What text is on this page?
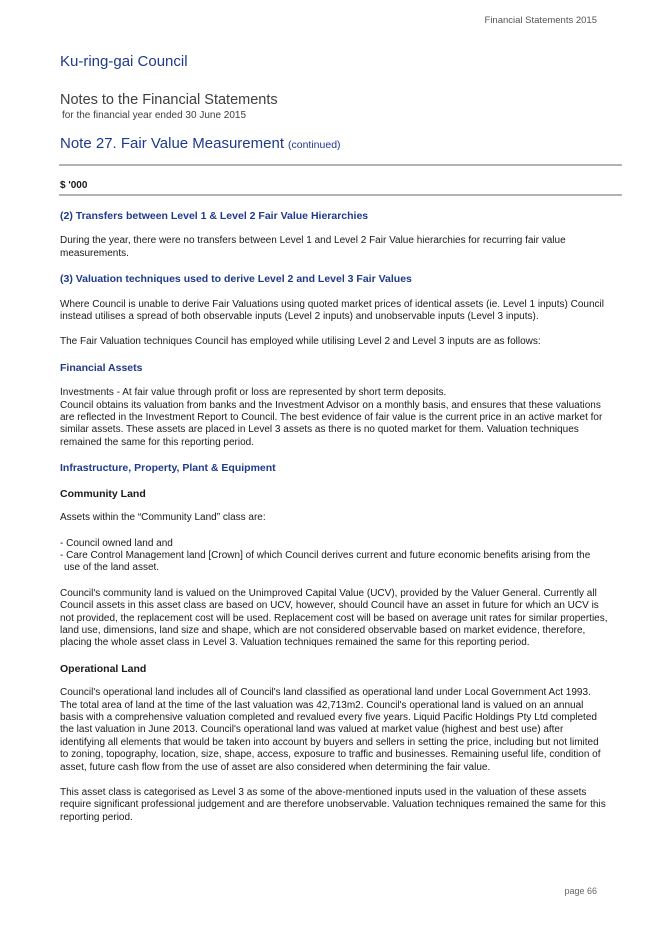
Financial Statements 2015
Ku-ring-gai Council
Notes to the Financial Statements
for the financial year ended 30 June 2015
Note 27. Fair Value Measurement (continued)
$ '000
(2) Transfers between Level 1 & Level 2 Fair Value Hierarchies
During the year, there were no transfers between Level 1 and Level 2 Fair Value hierarchies for recurring fair value measurements.
(3) Valuation techniques used to derive Level 2 and Level 3 Fair Values
Where Council is unable to derive Fair Valuations using quoted market prices of identical assets (ie. Level 1 inputs) Council instead utilises a spread of both observable inputs (Level 2 inputs) and unobservable inputs (Level 3 inputs).
The Fair Valuation techniques Council has employed while utilising Level 2 and Level 3 inputs are as follows:
Financial Assets
Investments - At fair value through profit or loss are represented by short term deposits.
Council obtains its valuation from banks and the Investment Advisor on a monthly basis, and ensures that these valuations are reflected in the Investment Report to Council. The best evidence of fair value is the current price in an active market for similar assets. These assets are placed in Level 3 assets as there is no quoted market for them. Valuation techniques remained the same for this reporting period.
Infrastructure, Property, Plant & Equipment
Community Land
Assets within the “Community Land” class are:
- Council owned land and
- Care Control Management land [Crown] of which Council derives current and future economic benefits arising from the use of the land asset.
Council's community land is valued on the Unimproved Capital Value (UCV), provided by the Valuer General. Currently all Council assets in this asset class are based on UCV, however, should Council have an asset in future for which an UCV is not provided, the replacement cost will be used. Replacement cost will be based on average unit rates for similar properties, land use, dimensions, land size and shape, which are not considered observable based on market evidence, therefore, placing the whole asset class in Level 3. Valuation techniques remained the same for this reporting period.
Operational Land
Council's operational land includes all of Council's land classified as operational land under Local Government Act 1993. The total area of land at the time of the last valuation was 42,713m2. Council's operational land is valued on an annual basis with a comprehensive valuation completed and revalued every five years. Liquid Pacific Holdings Pty Ltd completed the last valuation in June 2013. Council's operational land was valued at market value (highest and best use) after identifying all elements that would be taken into account by buyers and sellers in setting the price, including but not limited to zoning, topography, location, size, shape, access, exposure to traffic and businesses. Remaining useful life, condition of asset, future cash flow from the use of asset are also considered when determining the fair value.
This asset class is categorised as Level 3 as some of the above-mentioned inputs used in the valuation of these assets require significant professional judgement and are therefore unobservable. Valuation techniques remained the same for this reporting period.
page 66
